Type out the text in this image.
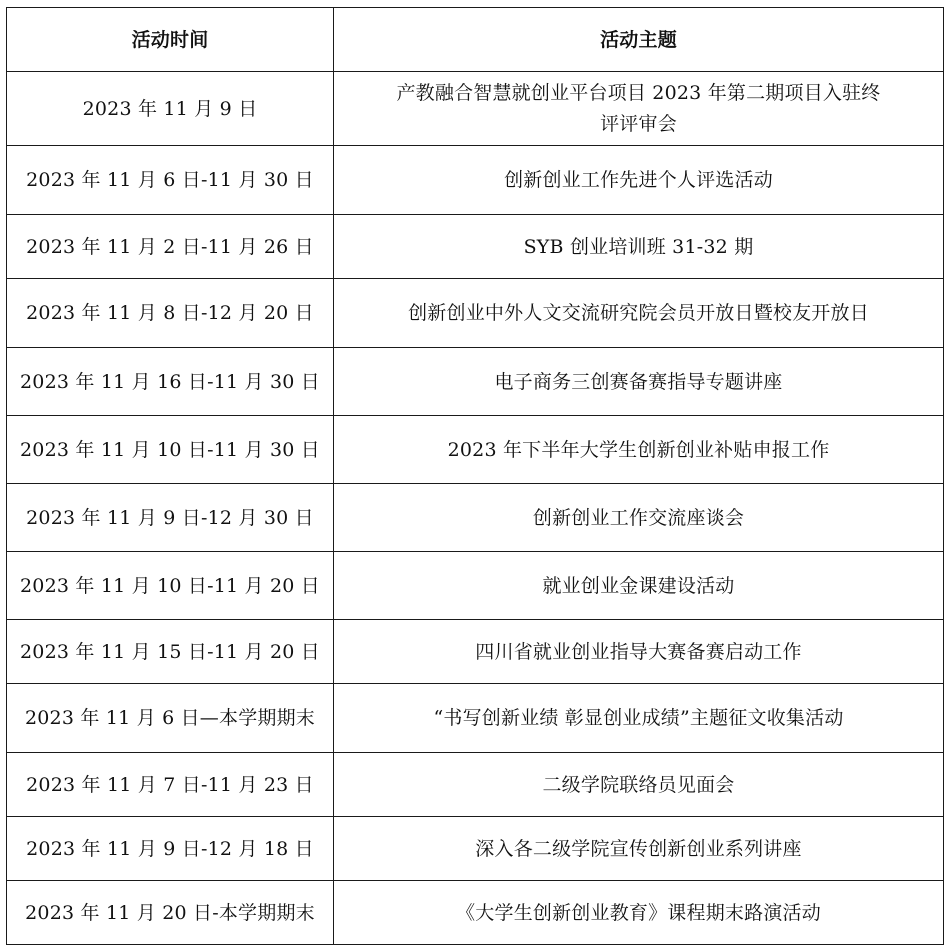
活动时间	活动主题
2023 年 11 月 9 日	产教融合智慧就创业平台项目 2023 年第二期项目入驻终评评审会
2023 年 11 月 6 日-11 月 30 日	创新创业工作先进个人评选活动
2023 年 11 月 2 日-11 月 26 日	SYB 创业培训班 31-32 期
2023 年 11 月 8 日-12 月 20 日	创新创业中外人文交流研究院会员开放日暨校友开放日
2023 年 11 月 16 日-11 月 30 日	电子商务三创赛备赛指导专题讲座
2023 年 11 月 10 日-11 月 30 日	2023 年下半年大学生创新创业补贴申报工作
2023 年 11 月 9 日-12 月 30 日	创新创业工作交流座谈会
2023 年 11 月 10 日-11 月 20 日	就业创业金课建设活动
2023 年 11 月 15 日-11 月 20 日	四川省就业创业指导大赛备赛启动工作
2023 年 11 月 6 日—本学期期末	“书写创新业绩 彰显创业成绩”主题征文收集活动
2023 年 11 月 7 日-11 月 23 日	二级学院联络员见面会
2023 年 11 月 9 日-12 月 18 日	深入各二级学院宣传创新创业系列讲座
2023 年 11 月 20 日-本学期期末	《大学生创新创业教育》课程期末路演活动
